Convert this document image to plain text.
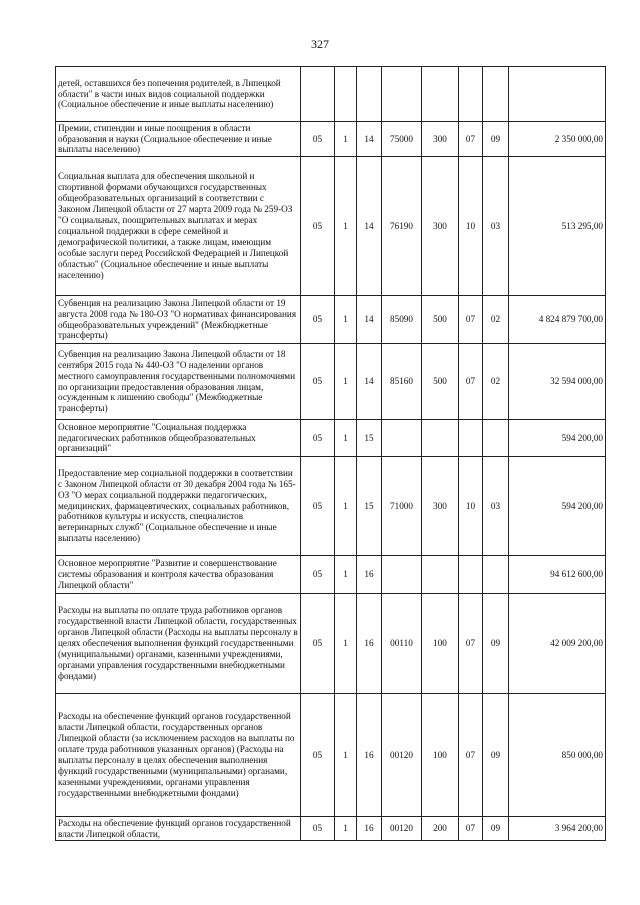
327
детей, оставшихся без попечения родителей, в Липецкой области" в части иных видов социальной поддержки (Социальное обеспечение и иные выплаты населению)								
Премии, стипендии и иные поощрения в области образования и науки (Социальное обеспечение и иные выплаты населению)	05	1	14	75000	300	07	09	2 350 000,00
Социальная выплата для обеспечения школьной и спортивной формами обучающихся государственных общеобразовательных организаций в соответствии с Законом Липецкой области от 27 марта 2009 года № 259-ОЗ "О социальных, поощрительных выплатах и мерах социальной поддержки в сфере семейной и демографической политики, а также лицам, имеющим особые заслуги перед Российской Федерацией и Липецкой областью" (Социальное обеспечение и иные выплаты населению)	05	1	14	76190	300	10	03	513 295,00
Субвенция на реализацию Закона Липецкой области от 19 августа 2008 года № 180-ОЗ "О нормативах финансирования общеобразовательных учреждений" (Межбюджетные трансферты)	05	1	14	85090	500	07	02	4 824 879 700,00
Субвенция на реализацию Закона Липецкой области от 18 сентября 2015 года № 440-ОЗ "О наделении органов местного самоуправления государственными полномочиями по организации предоставления образования лицам, осужденным к лишению свободы" (Межбюджетные трансферты)	05	1	14	85160	500	07	02	32 594 000,00
Основное мероприятие "Социальная поддержка педагогических работников общеобразовательных организаций"	05	1	15					594 200,00
Предоставление мер социальной поддержки в соответствии с Законом Липецкой области от 30 декабря 2004 года № 165-ОЗ "О мерах социальной поддержки педагогических, медицинских, фармацевтических, социальных работников, работников культуры и искусств, специалистов ветеринарных служб" (Социальное обеспечение и иные выплаты населению)	05	1	15	71000	300	10	03	594 200,00
Основное мероприятие "Развитие и совершенствование системы образования и контроля качества образования Липецкой области"	05	1	16					94 612 600,00
Расходы на выплаты по оплате труда работников органов государственной власти Липецкой области, государственных органов Липецкой области (Расходы на выплаты персоналу в целях обеспечения выполнения функций государственными (муниципальными) органами, казенными учреждениями, органами управления государственными внебюджетными фондами)	05	1	16	00110	100	07	09	42 009 200,00
Расходы на обеспечение функций органов государственной власти Липецкой области, государственных органов Липецкой области (за исключением расходов на выплаты по оплате труда работников указанных органов) (Расходы на выплаты персоналу в целях обеспечения выполнения функций государственными (муниципальными) органами, казенными учреждениями, органами управления государственными внебюджетными фондами)	05	1	16	00120	100	07	09	850 000,00
Расходы на обеспечение функций органов государственной власти Липецкой области,	05	1	16	00120	200	07	09	3 964 200,00
